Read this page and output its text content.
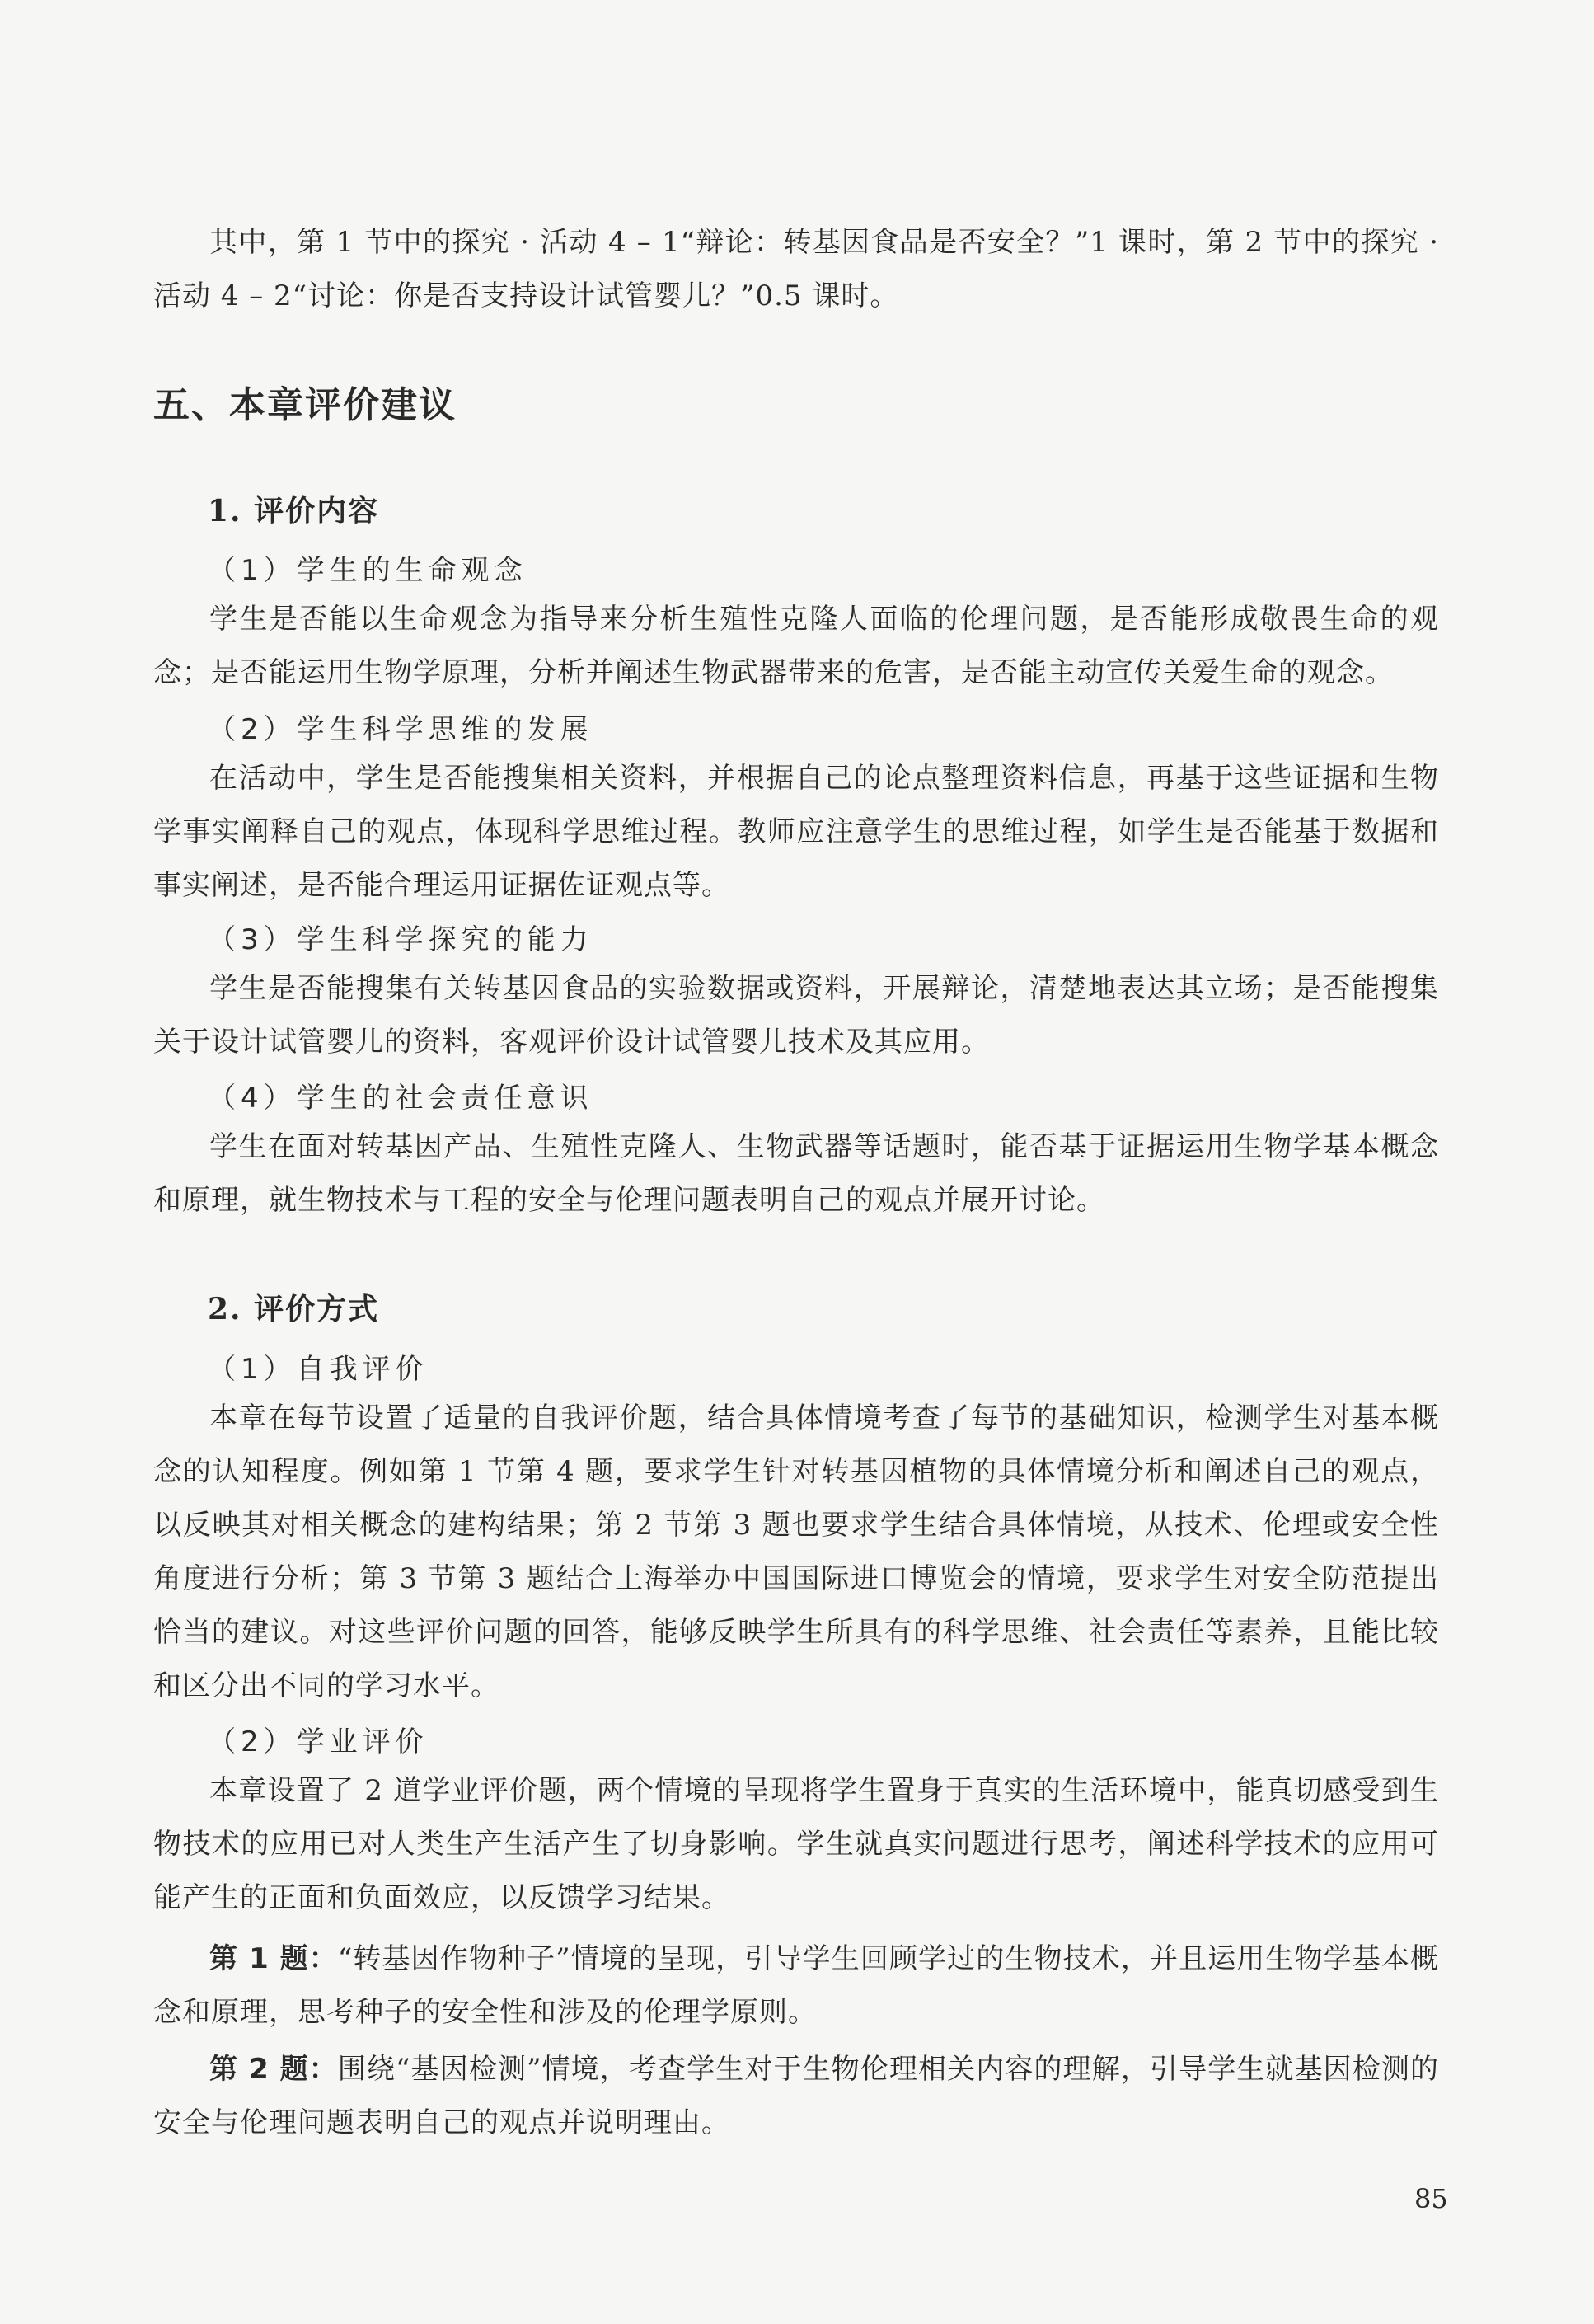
其中，第 1 节中的探究 · 活动 4 – 1“辩论：转基因食品是否安全？”1 课时，第 2 节中的探究 · 活动 4 – 2“讨论：你是否支持设计试管婴儿？”0.5 课时。

五、本章评价建议
1. 评价内容
（1）学生的生命观念

学生是否能以生命观念为指导来分析生殖性克隆人面临的伦理问题，是否能形成敬畏生命的观念；是否能运用生物学原理，分析并阐述生物武器带来的危害，是否能主动宣传关爱生命的观念。

（2）学生科学思维的发展

在活动中，学生是否能搜集相关资料，并根据自己的论点整理资料信息，再基于这些证据和生物学事实阐释自己的观点，体现科学思维过程。教师应注意学生的思维过程，如学生是否能基于数据和事实阐述，是否能合理运用证据佐证观点等。

（3）学生科学探究的能力

学生是否能搜集有关转基因食品的实验数据或资料，开展辩论，清楚地表达其立场；是否能搜集关于设计试管婴儿的资料，客观评价设计试管婴儿技术及其应用。

（4）学生的社会责任意识

学生在面对转基因产品、生殖性克隆人、生物武器等话题时，能否基于证据运用生物学基本概念和原理，就生物技术与工程的安全与伦理问题表明自己的观点并展开讨论。

2. 评价方式
（1）自我评价

本章在每节设置了适量的自我评价题，结合具体情境考查了每节的基础知识，检测学生对基本概念的认知程度。例如第 1 节第 4 题，要求学生针对转基因植物的具体情境分析和阐述自己的观点，以反映其对相关概念的建构结果；第 2 节第 3 题也要求学生结合具体情境，从技术、伦理或安全性角度进行分析；第 3 节第 3 题结合上海举办中国国际进口博览会的情境，要求学生对安全防范提出恰当的建议。对这些评价问题的回答，能够反映学生所具有的科学思维、社会责任等素养，且能比较和区分出不同的学习水平。

（2）学业评价

本章设置了 2 道学业评价题，两个情境的呈现将学生置身于真实的生活环境中，能真切感受到生物技术的应用已对人类生产生活产生了切身影响。学生就真实问题进行思考，阐述科学技术的应用可能产生的正面和负面效应，以反馈学习结果。

第 1 题：“转基因作物种子”情境的呈现，引导学生回顾学过的生物技术，并且运用生物学基本概念和原理，思考种子的安全性和涉及的伦理学原则。

第 2 题：围绕“基因检测”情境，考查学生对于生物伦理相关内容的理解，引导学生就基因检测的安全与伦理问题表明自己的观点并说明理由。

85
